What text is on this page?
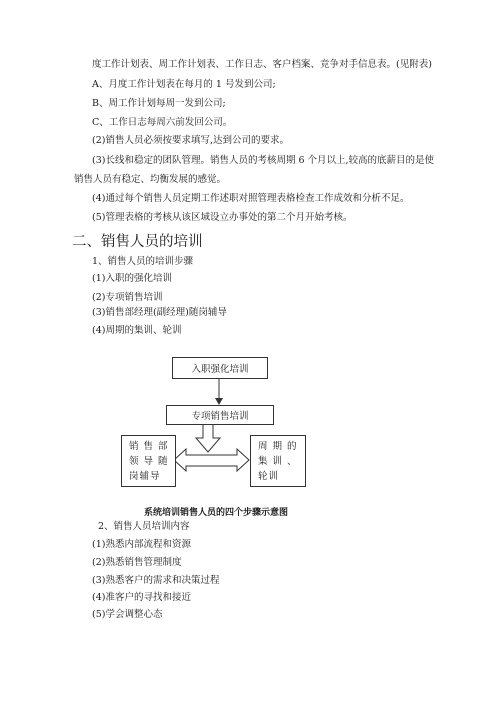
度工作计划表、周工作计划表、工作日志、客户档案、竞争对手信息表。(见附表)
A、月度工作计划表在每月的 1 号发到公司;
B、周工作计划每周一发到公司;
C、工作日志每周六前发回公司。
(2)销售人员必须按要求填写,达到公司的要求。
(3)长线和稳定的团队管理。销售人员的考核周期 6 个月以上,较高的底薪目的是使
销售人员有稳定、均衡发展的感觉。
(4)通过每个销售人员定期工作述职对照管理表格检查工作成效和分析不足。
(5)管理表格的考核从该区域设立办事处的第二个月开始考核。
二、销售人员的培训
1、销售人员的培训步骤
(1)入职的强化培训
(2)专项销售培训
(3)销售部经理(副经理)随岗辅导
(4)周期的集训、轮训
入职强化培训
专项销售培训
销 售 部
领 导 随
岗辅导
周 期 的
集 训 、
轮训
系统培训销售人员的四个步骤示意图
2、销售人员培训内容
(1)熟悉内部流程和资源
(2)熟悉销售管理制度
(3)熟悉客户的需求和决策过程
(4)准客户的寻找和接近
(5)学会调整心态
